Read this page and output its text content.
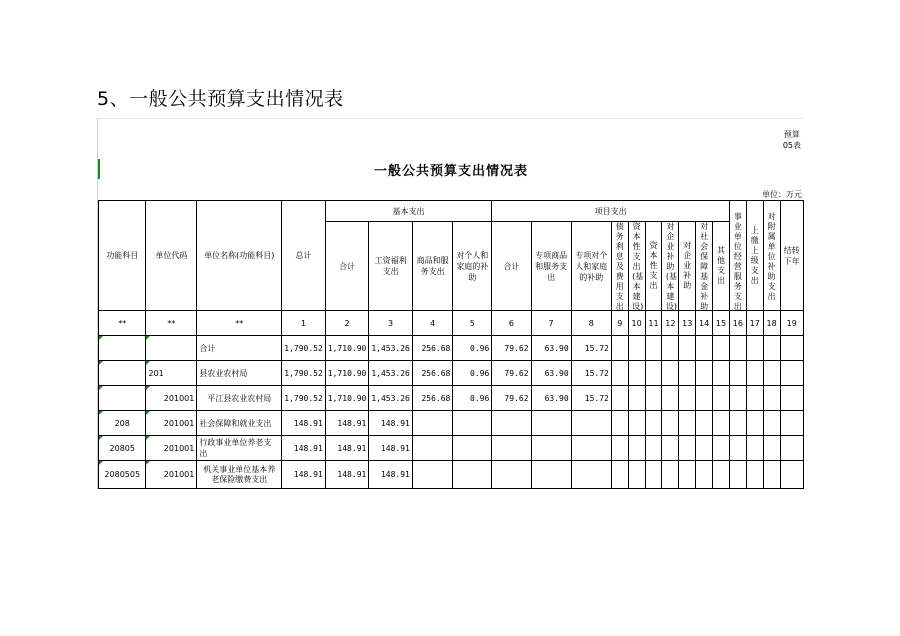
5、一般公共预算支出情况表
预算
05表
一般公共预算支出情况表
单位：万元
功能科目	单位代码	单位名称(功能科目)	总计	基本支出				项目支出										事业单位经营服务支出	上缴上级支出	对附属单位补助支出	结转下年

				合计	工资福利支出	商品和服务支出	对个人和家庭的补助	合计	专项商品和服务支出	专项对个人和家庭的补助	债务利息及费用支出	资本性支出(基本建设)	资本性支出	对企业补助(基本建设)	对企业补助	对社会保障基金补助	其他支出				

**	**	**	1	2	3	4	5	6	7	8	9	10	11	12	13	14	15	16	17	18	19
		合计	1,790.52	1,710.90	1,453.26	256.68	0.96	79.62	63.90	15.72											
	201	县农业农村局	1,790.52	1,710.90	1,453.26	256.68	0.96	79.62	63.90	15.72											
	201001	平江县农业农村局	1,790.52	1,710.90	1,453.26	256.68	0.96	79.62	63.90	15.72											
208	201001	社会保障和就业支出	148.91	148.91	148.91																
20805	201001	行政事业单位养老支出	148.91	148.91	148.91																
2080505	201001	机关事业单位基本养老保险缴费支出	148.91	148.91	148.91																
